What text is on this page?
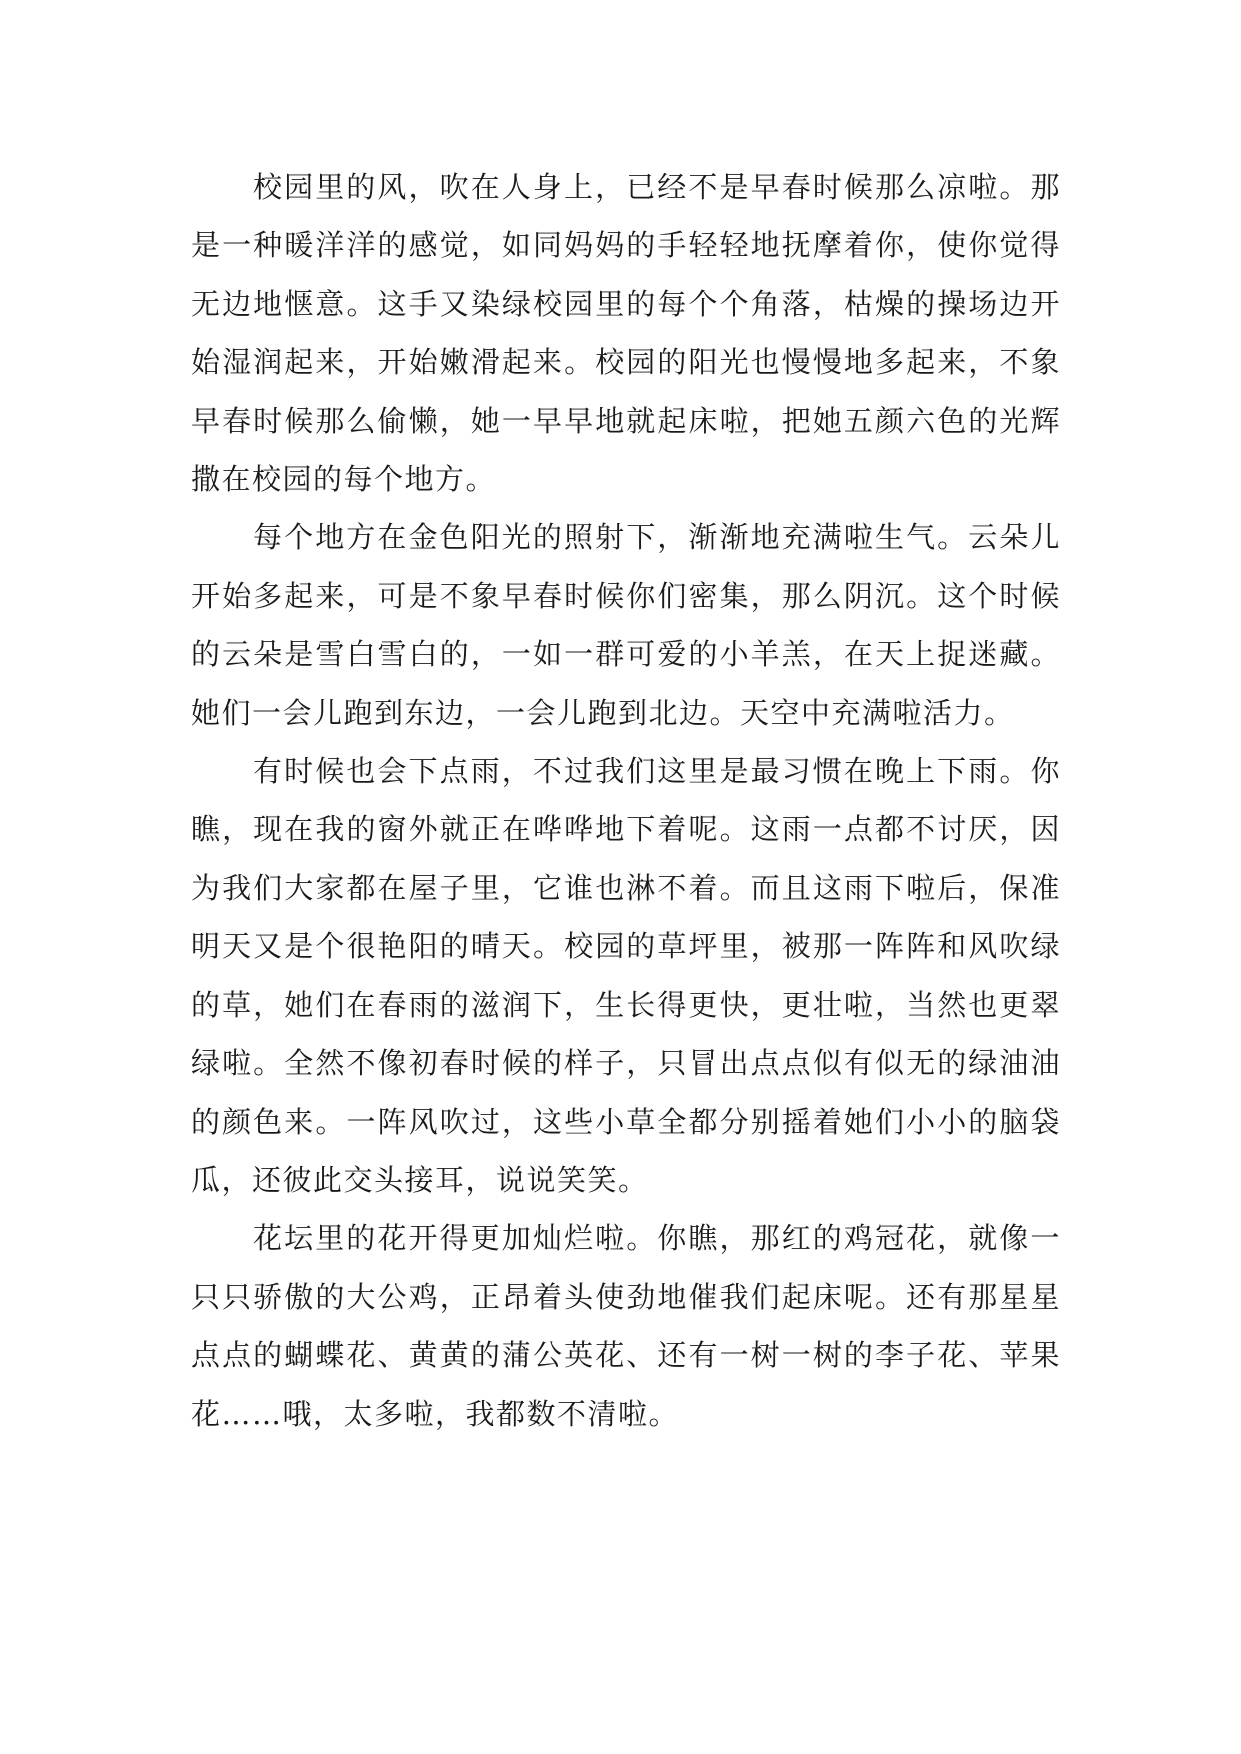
校园里的风，吹在人身上，已经不是早春时候那么凉啦。那是一种暖洋洋的感觉，如同妈妈的手轻轻地抚摩着你，使你觉得无边地惬意。这手又染绿校园里的每个个角落，枯燥的操场边开始湿润起来，开始嫩滑起来。校园的阳光也慢慢地多起来，不象早春时候那么偷懒，她一早早地就起床啦，把她五颜六色的光辉撒在校园的每个地方。

每个地方在金色阳光的照射下，渐渐地充满啦生气。云朵儿开始多起来，可是不象早春时候你们密集，那么阴沉。这个时候的云朵是雪白雪白的，一如一群可爱的小羊羔，在天上捉迷藏。她们一会儿跑到东边，一会儿跑到北边。天空中充满啦活力。

有时候也会下点雨，不过我们这里是最习惯在晚上下雨。你瞧，现在我的窗外就正在哗哗地下着呢。这雨一点都不讨厌，因为我们大家都在屋子里，它谁也淋不着。而且这雨下啦后，保准明天又是个很艳阳的晴天。校园的草坪里，被那一阵阵和风吹绿的草，她们在春雨的滋润下，生长得更快，更壮啦，当然也更翠绿啦。全然不像初春时候的样子，只冒出点点似有似无的绿油油的颜色来。一阵风吹过，这些小草全都分别摇着她们小小的脑袋瓜，还彼此交头接耳，说说笑笑。

花坛里的花开得更加灿烂啦。你瞧，那红的鸡冠花，就像一只只骄傲的大公鸡，正昂着头使劲地催我们起床呢。还有那星星点点的蝴蝶花、黄黄的蒲公英花、还有一树一树的李子花、苹果花……哦，太多啦，我都数不清啦。
